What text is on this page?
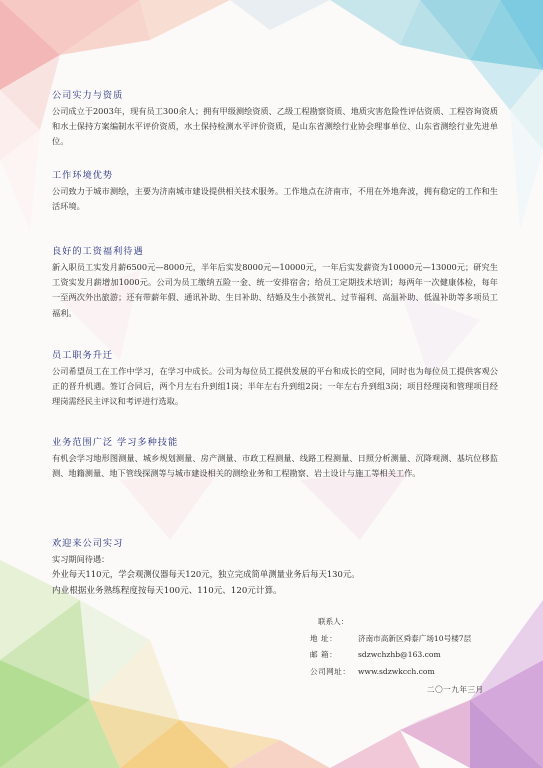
公司实力与资质

公司成立于2003年，现有员工300余人；拥有甲级测绘资质、乙级工程勘察资质、地质灾害危险性评估资质、工程咨询资质和水土保持方案编制水平评价资质，水土保持检测水平评价资质，是山东省测绘行业协会理事单位、山东省测绘行业先进单位。

工作环境优势

公司致力于城市测绘，主要为济南城市建设提供相关技术服务。工作地点在济南市，不用在外地奔波，拥有稳定的工作和生活环境。

良好的工资福利待遇

新入职员工实发月薪6500元—8000元，半年后实发8000元—10000元，一年后实发薪资为10000元—13000元；研究生工资实发月薪增加1000元。公司为员工缴纳五险一金、统一安排宿舍；给员工定期技术培训；每两年一次健康体检，每年一至两次外出旅游；还有带薪年假、通讯补助、生日补助、结婚及生小孩贺礼、过节福利、高温补助、低温补助等多项员工福利。

员工职务升迁

公司希望员工在工作中学习，在学习中成长。公司为每位员工提供发展的平台和成长的空间，同时也为每位员工提供客观公正的晋升机遇。签订合同后，两个月左右升到组1岗；半年左右升到组2岗；一年左右升到组3岗；项目经理岗和管理项目经理岗需经民主评议和考评进行选取。

业务范围广泛 学习多种技能

有机会学习地形图测量、城乡规划测量、房产测量、市政工程测量、线路工程测量、日照分析测量、沉降观测、基坑位移监测、地籍测量、地下管线探测等与城市建设相关的测绘业务和工程勘察、岩土设计与施工等相关工作。

欢迎来公司实习

实习期间待遇：

外业每天110元，学会观测仪器每天120元，独立完成简单测量业务后每天130元。

内业根据业务熟练程度按每天100元、110元、120元计算。

联系人：
地 址：	济南市高新区舜泰广场10号楼7层
邮 箱：	sdzwchzhb@163.com
公司网址： www.sdzwkcch.com
二〇一九年三月
